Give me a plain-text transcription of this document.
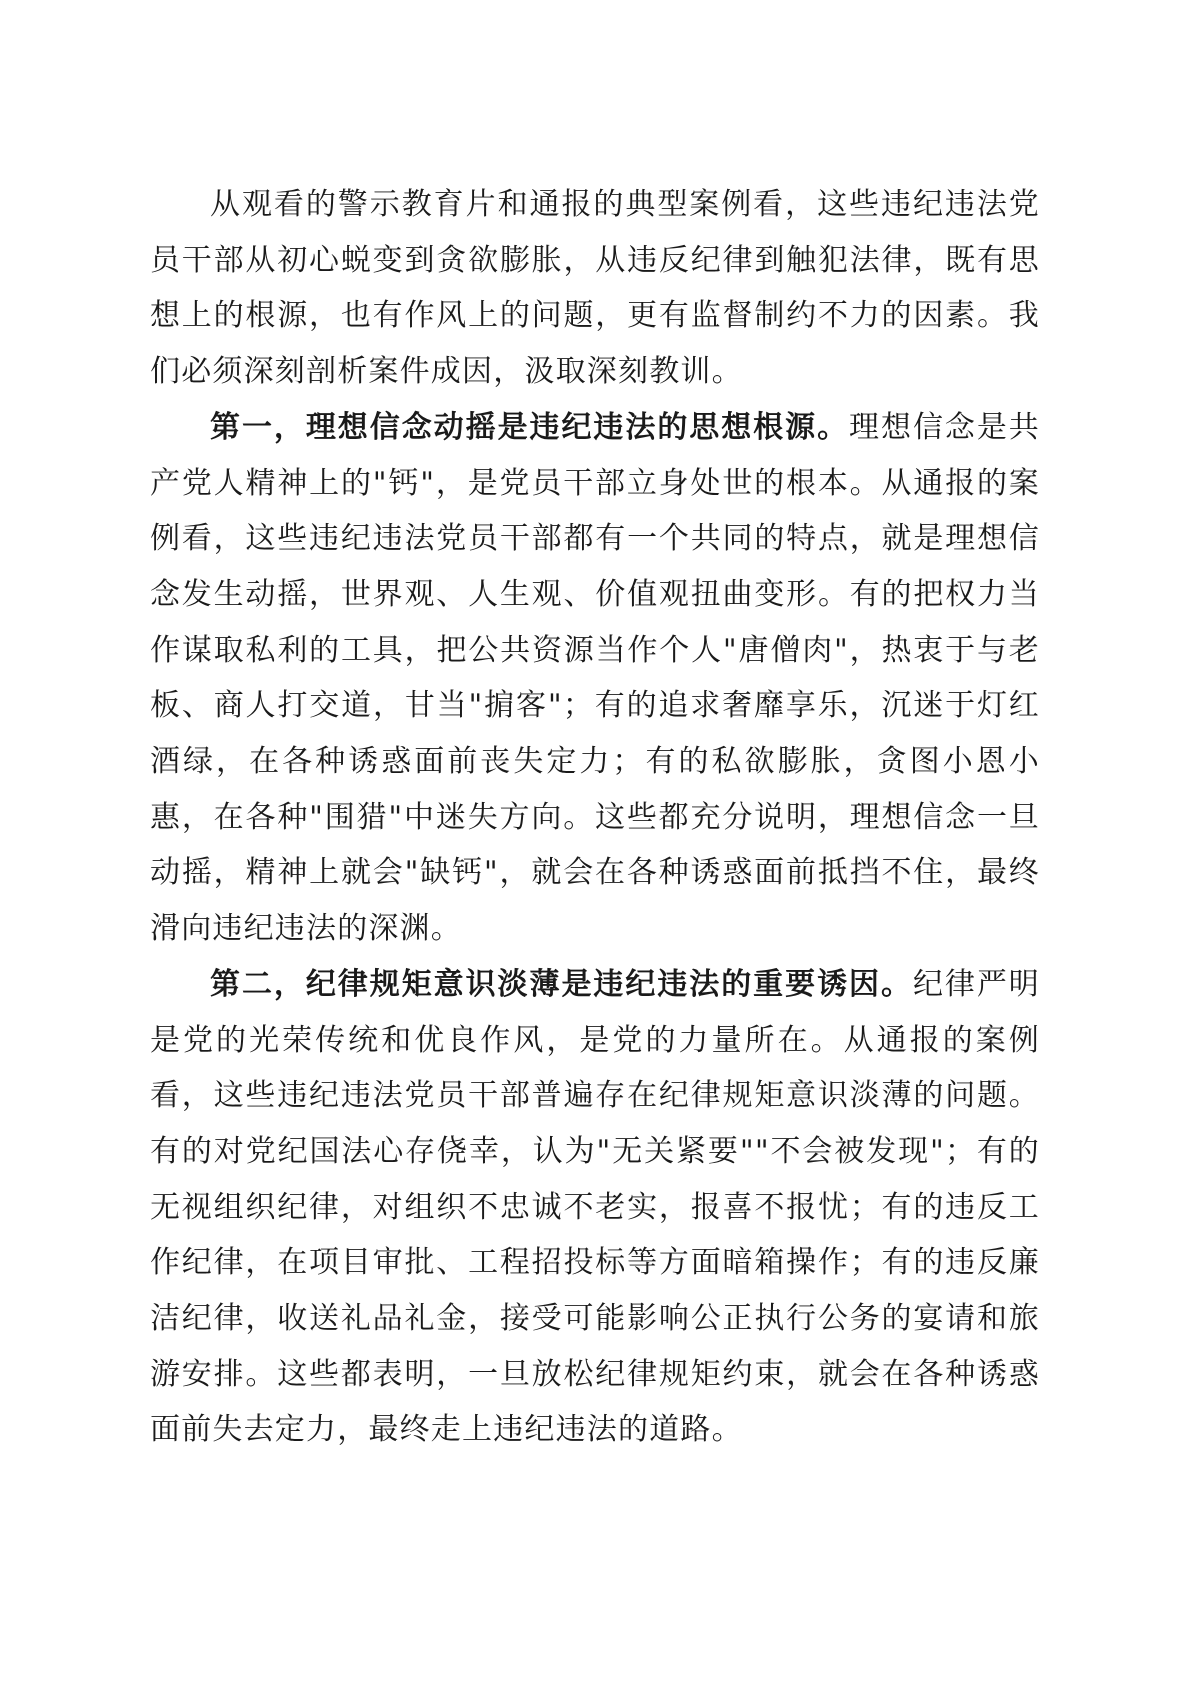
从观看的警示教育片和通报的典型案例看，这些违纪违法党员干部从初心蜕变到贪欲膨胀，从违反纪律到触犯法律，既有思想上的根源，也有作风上的问题，更有监督制约不力的因素。我们必须深刻剖析案件成因，汲取深刻教训。

第一，理想信念动摇是违纪违法的思想根源。理想信念是共产党人精神上的"钙"，是党员干部立身处世的根本。从通报的案例看，这些违纪违法党员干部都有一个共同的特点，就是理想信念发生动摇，世界观、人生观、价值观扭曲变形。有的把权力当作谋取私利的工具，把公共资源当作个人"唐僧肉"，热衷于与老板、商人打交道，甘当"掮客"；有的追求奢靡享乐，沉迷于灯红酒绿，在各种诱惑面前丧失定力；有的私欲膨胀，贪图小恩小惠，在各种"围猎"中迷失方向。这些都充分说明，理想信念一旦动摇，精神上就会"缺钙"，就会在各种诱惑面前抵挡不住，最终滑向违纪违法的深渊。

第二，纪律规矩意识淡薄是违纪违法的重要诱因。纪律严明是党的光荣传统和优良作风，是党的力量所在。从通报的案例看，这些违纪违法党员干部普遍存在纪律规矩意识淡薄的问题。有的对党纪国法心存侥幸，认为"无关紧要""不会被发现"；有的无视组织纪律，对组织不忠诚不老实，报喜不报忧；有的违反工作纪律，在项目审批、工程招投标等方面暗箱操作；有的违反廉洁纪律，收送礼品礼金，接受可能影响公正执行公务的宴请和旅游安排。这些都表明，一旦放松纪律规矩约束，就会在各种诱惑面前失去定力，最终走上违纪违法的道路。
